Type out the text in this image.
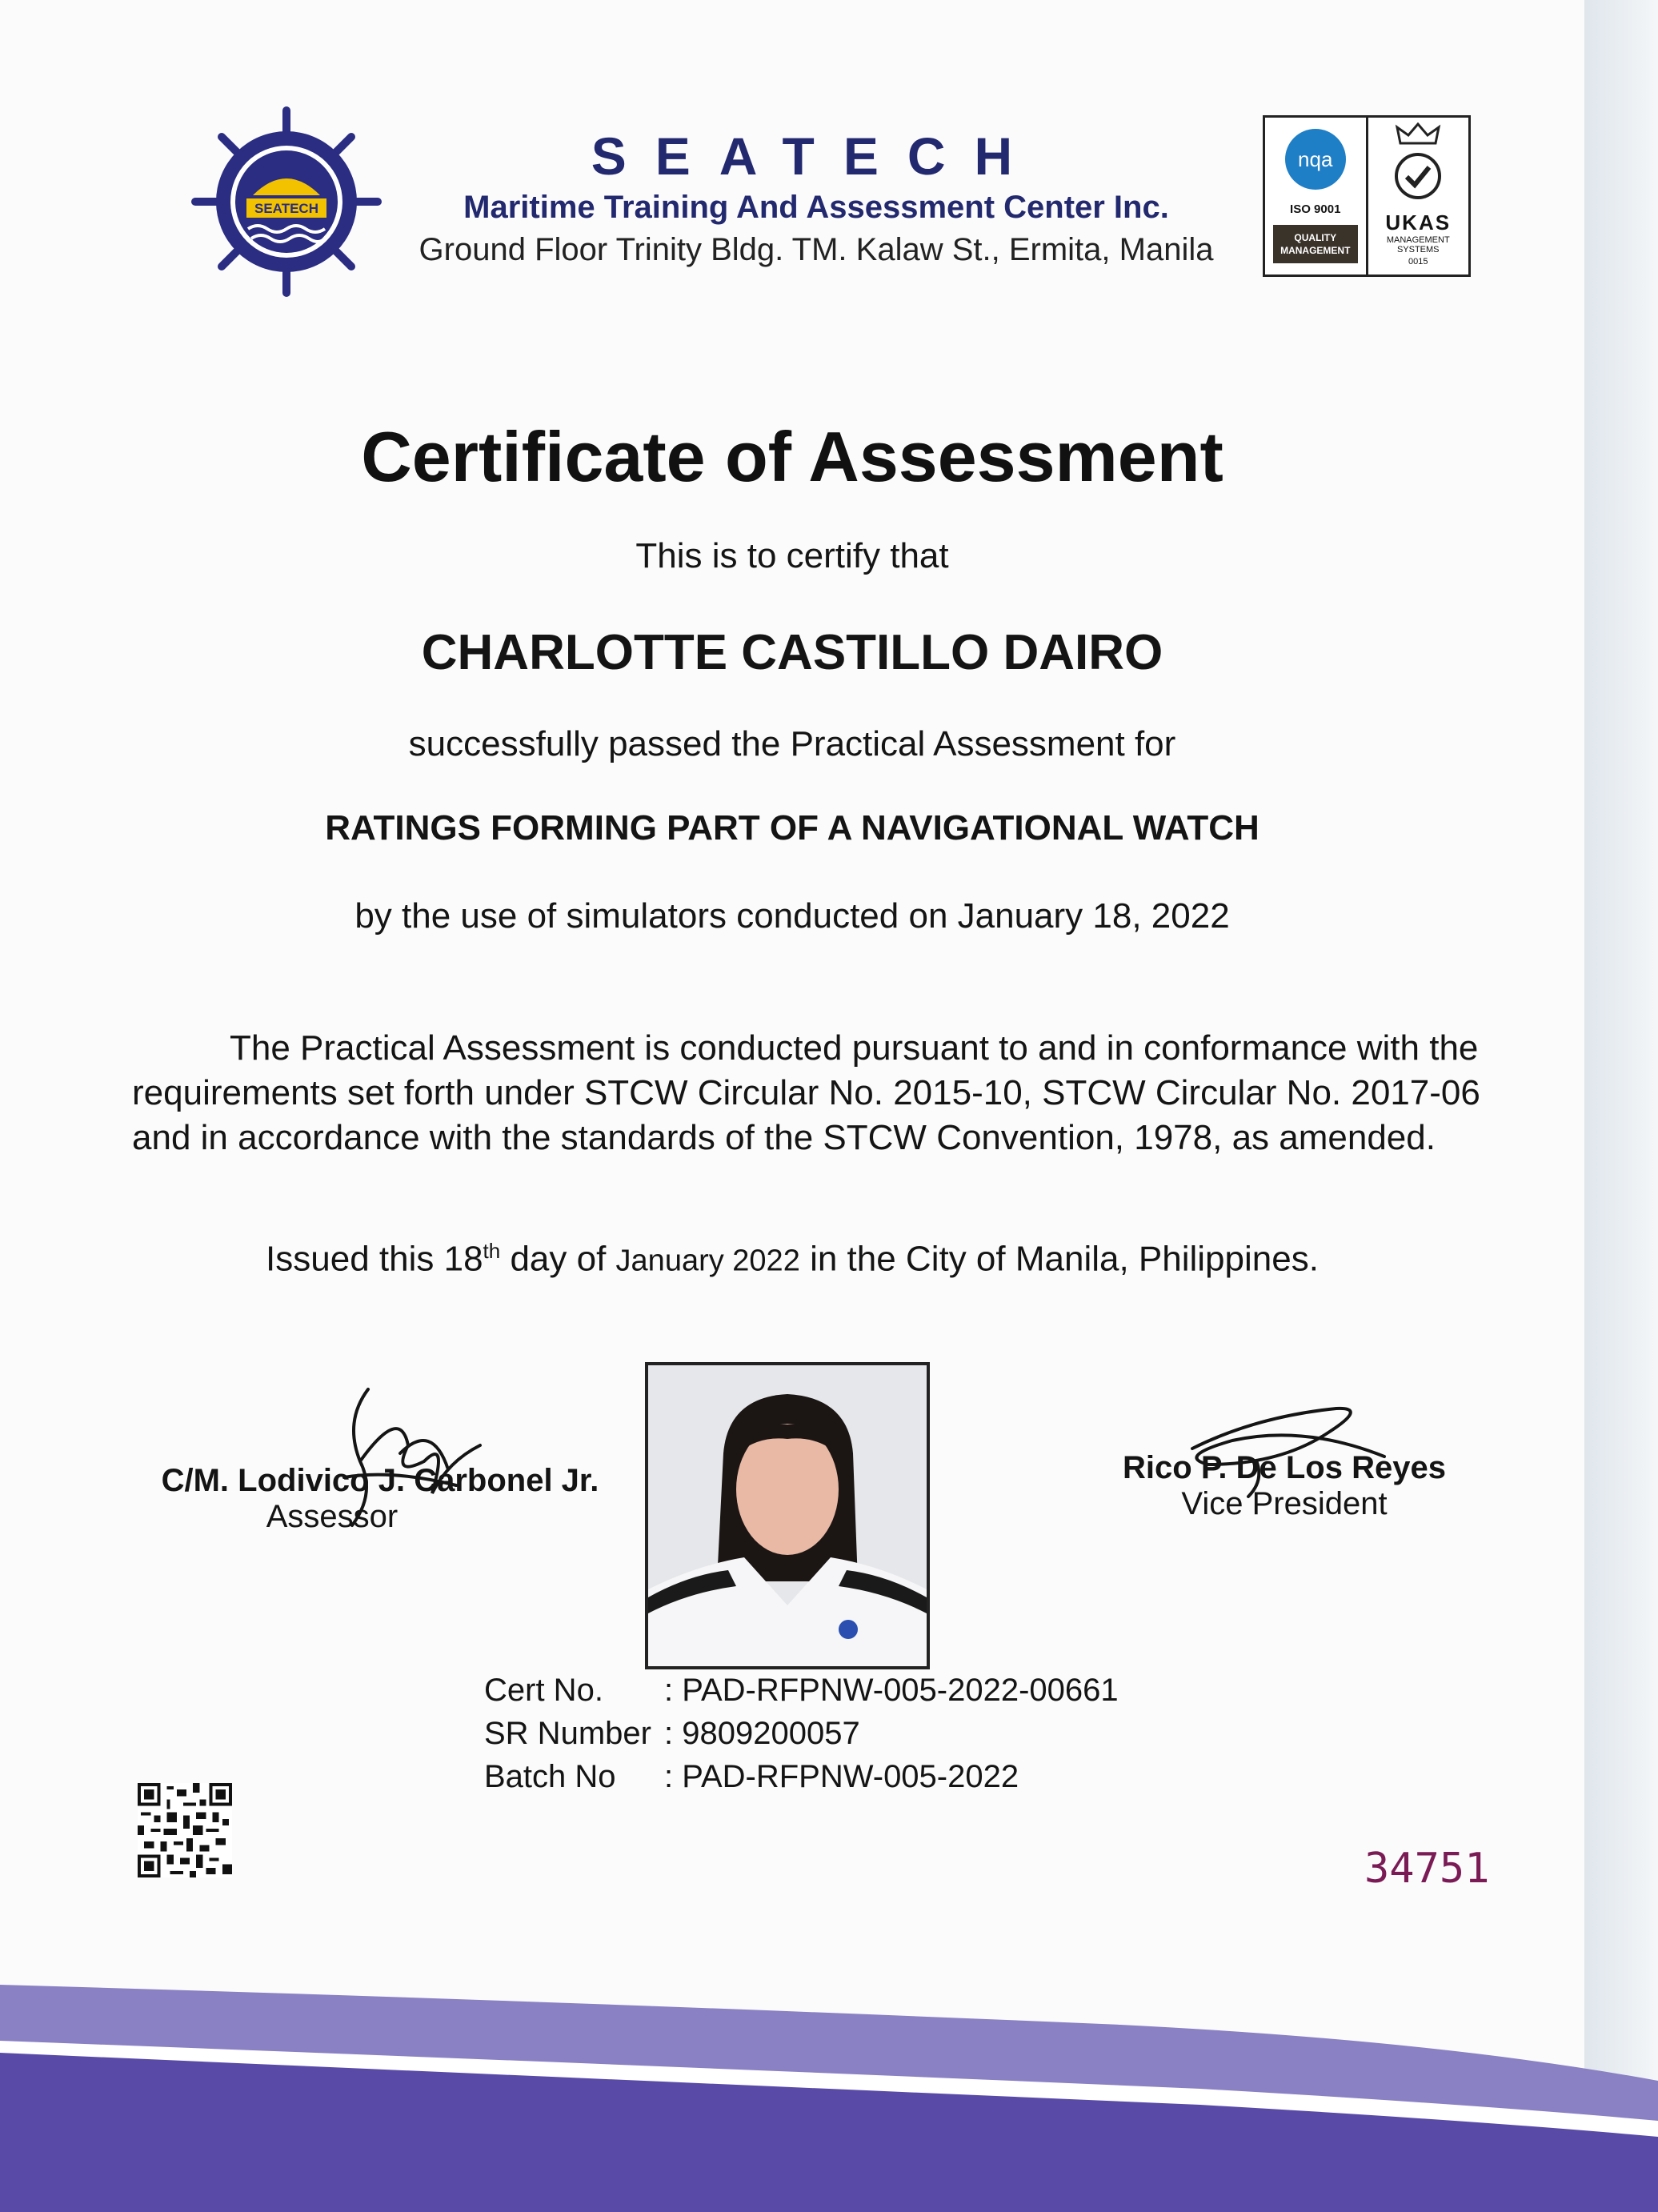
SEATECH
SEATECH
Maritime Training And Assessment Center Inc.
Ground Floor Trinity Bldg. TM. Kalaw St., Ermita, Manila
nqa
ISO 9001
QUALITY MANAGEMENT

UKAS
MANAGEMENT SYSTEMS
0015
Certificate of Assessment
This is to certify that
CHARLOTTE CASTILLO DAIRO
successfully passed the Practical Assessment for
RATINGS FORMING PART OF A NAVIGATIONAL WATCH
by the use of simulators conducted on January 18, 2022
The Practical Assessment is conducted pursuant to and in conformance with the requirements set forth under STCW Circular No. 2015-10, STCW Circular No. 2017-06 and in accordance with the standards of the STCW Convention, 1978, as amended.
Issued this 18th day of January 2022 in the City of Manila, Philippines.
C/M. Lodivico J. Carbonel Jr.
Assessor
Rico P. De Los Reyes
Vice President
Cert No.	: PAD-RFPNW-005-2022-00661
SR Number : 9809200057
Batch No	: PAD-RFPNW-005-2022
34751
